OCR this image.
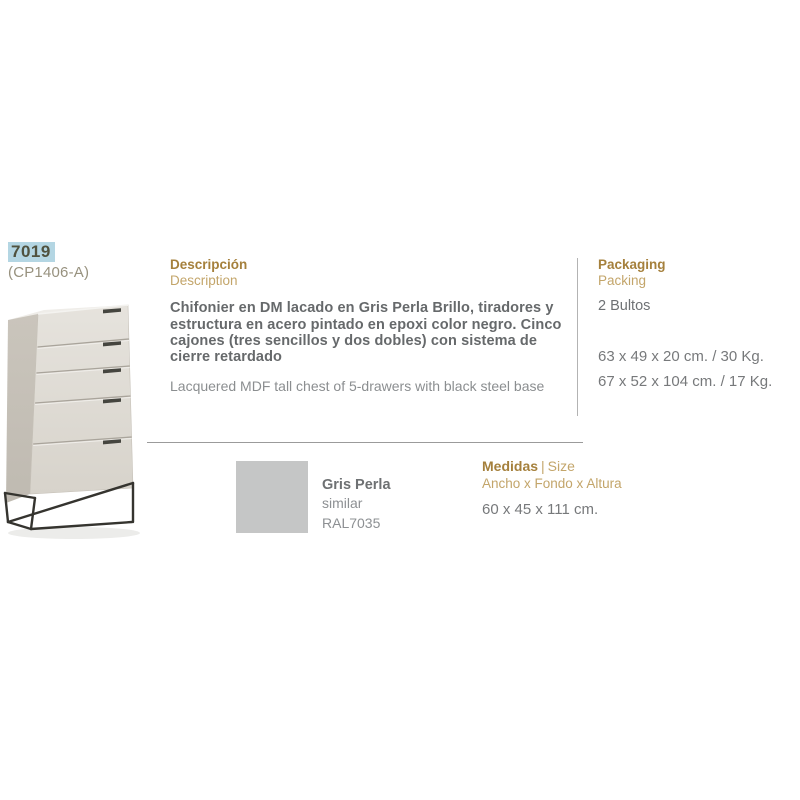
7019
(CP1406-A)	Descripción
Description
Chifonier en DM lacado en Gris Perla Brillo, tiradores y estructura en acero pintado en epoxi color negro. Cinco cajones (tres sencillos y dos dobles) con sistema de cierre retardado
Lacquered MDF tall chest of 5-drawers with black steel base
Packaging
Packing
2 Bultos
63 x 49 x 20 cm. / 30 Kg.
67 x 52 x 104 cm. / 17 Kg.
Gris Perla
similar
RAL7035
Medidas | Size
Ancho x Fondo x Altura
60 x 45 x 111 cm.
